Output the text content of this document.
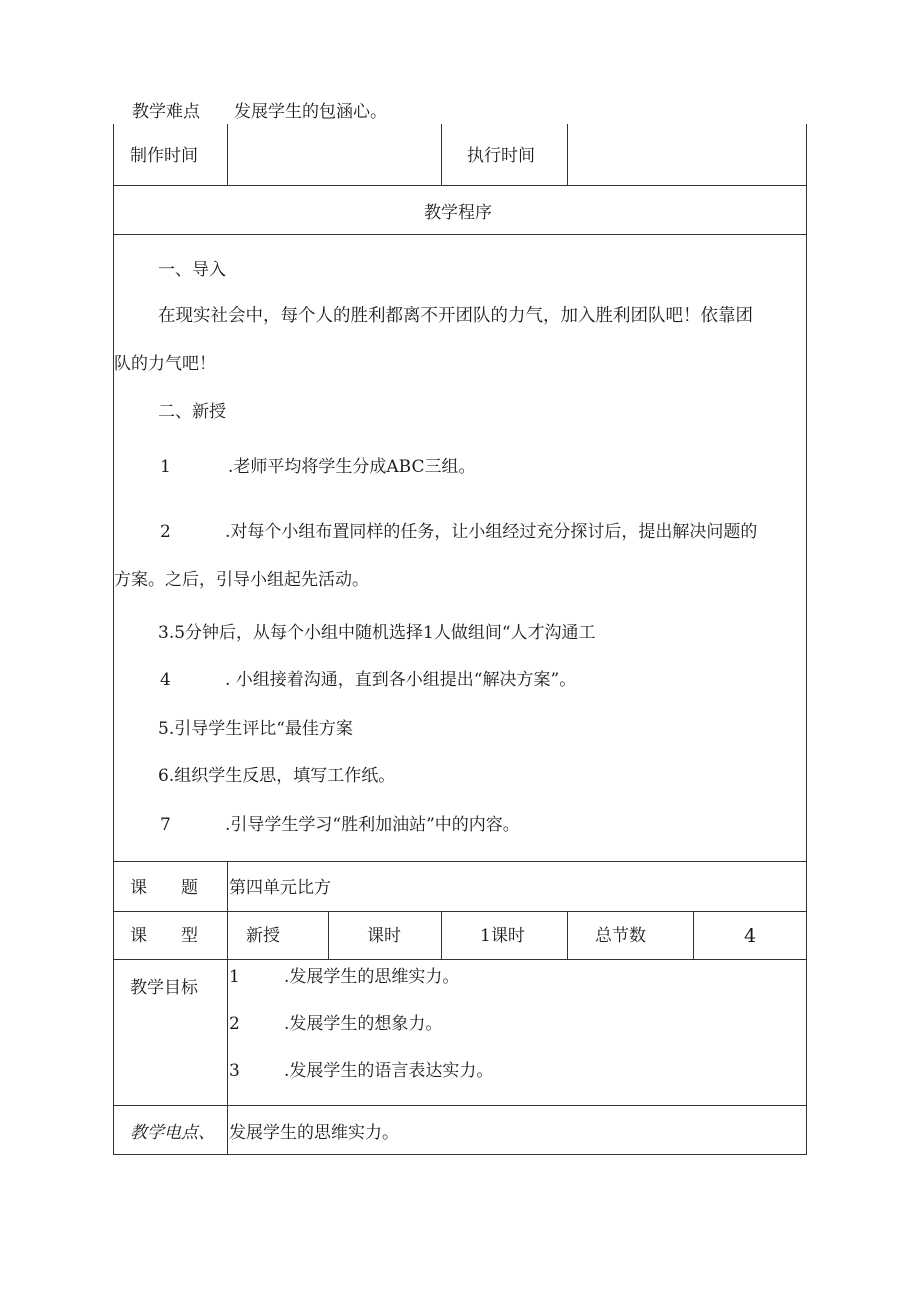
教学难点 发展学生的包涵心。
制作时间	执行时间
教学程序
一、导入
在现实社会中，每个人的胜利都离不开团队的力气，加入胜利团队吧！依靠团
队的力气吧！
二、新授
1	.老师平均将学生分成ABC三组。
2	.对每个小组布置同样的任务，让小组经过充分探讨后，提出解决问题的
方案。之后，引导小组起先活动。
3.5分钟后，从每个小组中随机选择1人做组间“人才沟通工
4	. 小组接着沟通，直到各小组提出“解决方案”。
5.引导学生评比“最佳方案
6.组织学生反思，填写工作纸。
7	.引导学生学习“胜利加油站”中的内容。
课　　题 第四单元比方
课　　型	新授	课时	1课时	总节数	4
教学目标
1	.发展学生的思维实力。
2	.发展学生的想象力。
3	.发展学生的语言表达实力。
教学电点、 发展学生的思维实力。
